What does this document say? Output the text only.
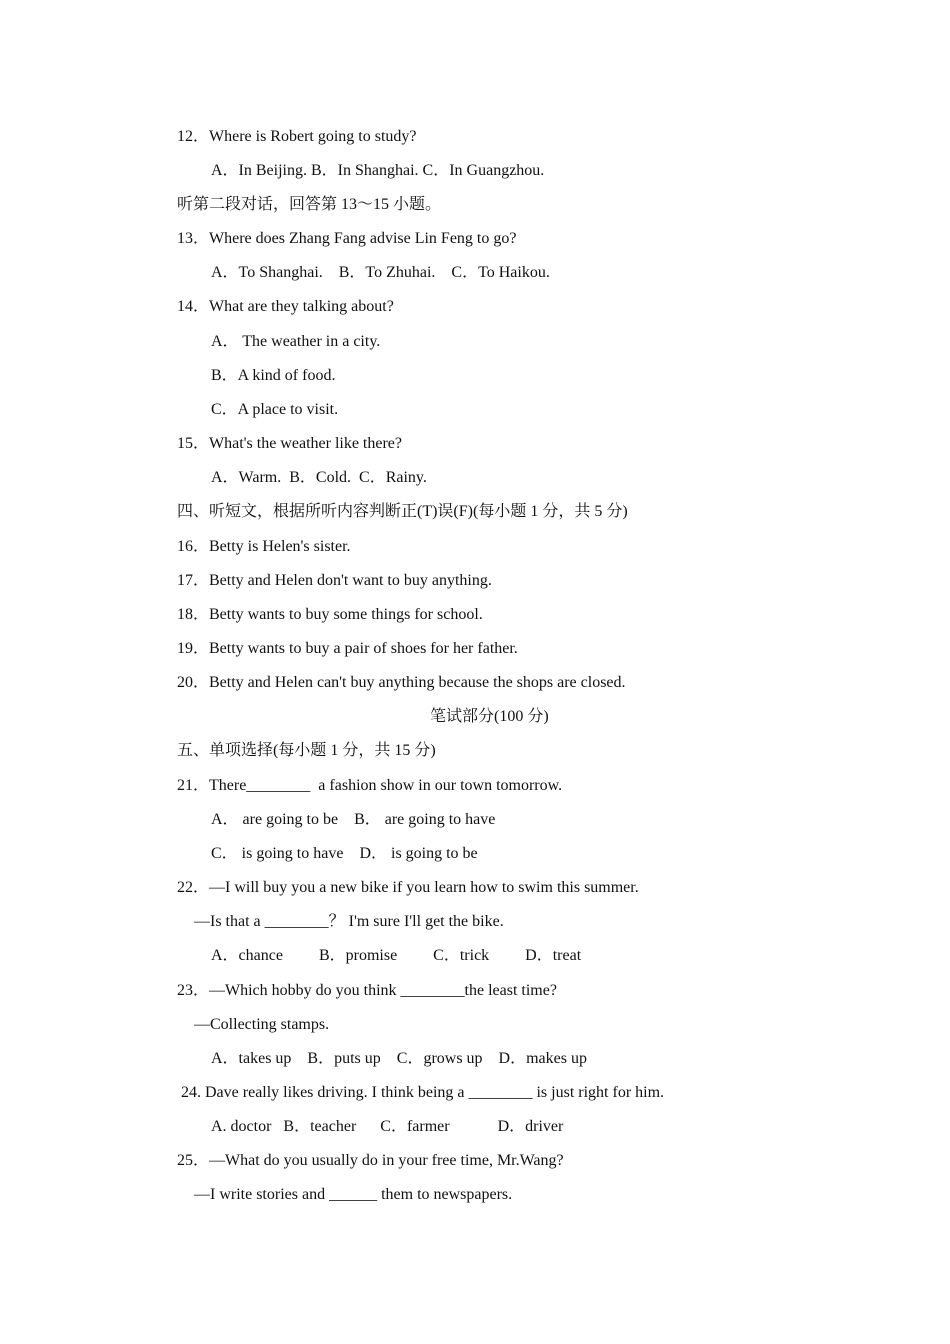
12．Where is Robert going to study?
A．In Beijing. B．In Shanghai. C．In Guangzhou.
听第二段对话，回答第 13～15 小题。
13．Where does Zhang Fang advise Lin Feng to go?
A．To Shanghai.    B．To Zhuhai.    C．To Haikou.
14．What are they talking about?
A． The weather in a city.
B．A kind of food.
C．A place to visit.
15．What's the weather like there?
A．Warm.  B．Cold.  C．Rainy.
四、听短文，根据所听内容判断正(T)误(F)(每小题 1 分，共 5 分)
16．Betty is Helen's sister.
17．Betty and Helen don't want to buy anything.
18．Betty wants to buy some things for school.
19．Betty wants to buy a pair of shoes for her father.
20．Betty and Helen can't buy anything because the shops are closed.
笔试部分(100 分)
五、单项选择(每小题 1 分，共 15 分)
21．There________  a fashion show in our town tomorrow.
A． are going to be    B． are going to have
C． is going to have    D． is going to be
22．—I will buy you a new bike if you learn how to swim this summer.
—Is that a ________？ I'm sure I'll get the bike.
A．chance         B．promise         C．trick         D．treat
23．—Which hobby do you think ________the least time?
—Collecting stamps.
A．takes up    B．puts up    C．grows up    D．makes up
24. Dave really likes driving. I think being a ________ is just right for him.
A. doctor   B．teacher      C．farmer            D．driver
25．—What do you usually do in your free time, Mr.Wang?
—I write stories and ______ them to newspapers.
